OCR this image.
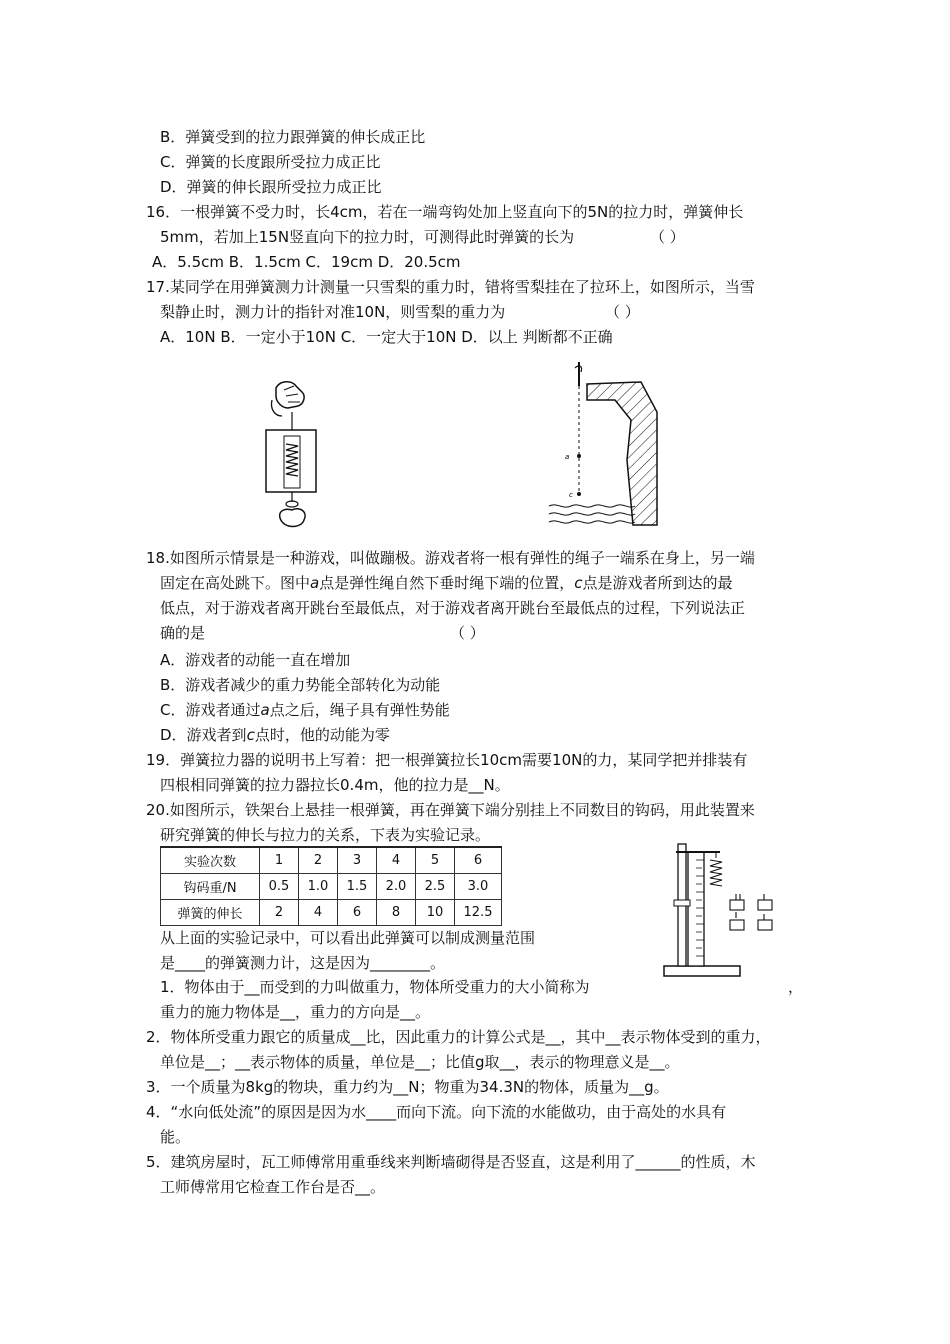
B．弹簧受到的拉力跟弹簧的伸长成正比
C．弹簧的长度跟所受拉力成正比
D．弹簧的伸长跟所受拉力成正比
16．一根弹簧不受力时，长4cm，若在一端弯钩处加上竖直向下的5N的拉力时，弹簧伸长
5mm，若加上15N竖直向下的拉力时，可测得此时弹簧的长为	（ ）
A．5.5cm B．1.5cm C．19cm D．20.5cm
17.某同学在用弹簧测力计测量一只雪梨的重力时，错将雪梨挂在了拉环上，如图所示，当雪
梨静止时，测力计的指针对准10N，则雪梨的重力为	（ ）
A．10N B．一定小于10N C．一定大于10N D．以上 判断都不正确
a
c
18.如图所示情景是一种游戏，叫做蹦极。游戏者将一根有弹性的绳子一端系在身上，另一端
固定在高处跳下。图中a点是弹性绳自然下垂时绳下端的位置，c点是游戏者所到达的最
低点，对于游戏者离开跳台至最低点，对于游戏者离开跳台至最低点的过程，下列说法正
确的是	（ ）
A．游戏者的动能一直在增加
B．游戏者减少的重力势能全部转化为动能
C．游戏者通过a点之后，绳子具有弹性势能
D．游戏者到c点时，他的动能为零
19．弹簧拉力器的说明书上写着：把一根弹簧拉长10cm需要10N的力，某同学把并排装有
四根相同弹簧的拉力器拉长0.4m，他的拉力是__N。
20.如图所示，铁架台上悬挂一根弹簧，再在弹簧下端分别挂上不同数目的钩码，用此装置来
研究弹簧的伸长与拉力的关系，下表为实验记录。
实验次数	1	2	3	4	5	6
钩码重/N	0.5	1.0	1.5	2.0	2.5	3.0
弹簧的伸长	2	4	6	8	10	12.5
从上面的实验记录中，可以看出此弹簧可以制成测量范围
是____的弹簧测力计，这是因为________。
1．物体由于__而受到的力叫做重力，物体所受重力的大小简称为	，
重力的施力物体是__，重力的方向是__。
2．物体所受重力跟它的质量成__比，因此重力的计算公式是__，其中__表示物体受到的重力，
单位是__；__表示物体的质量，单位是__；比值g取__，表示的物理意义是__。
3．一个质量为8kg的物块，重力约为__N；物重为34.3N的物体，质量为__g。
4．“水向低处流”的原因是因为水____而向下流。向下流的水能做功，由于高处的水具有
能。
5．建筑房屋时，瓦工师傅常用重垂线来判断墙砌得是否竖直，这是利用了______的性质，木
工师傅常用它检查工作台是否__。
